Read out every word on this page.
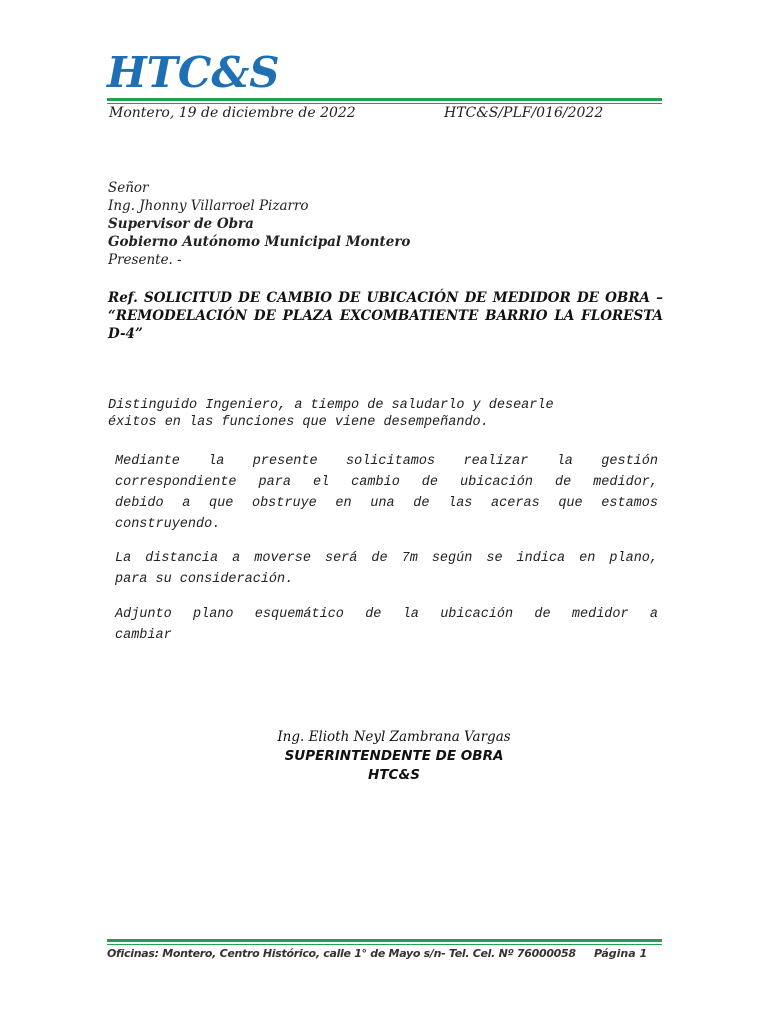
HTC&S
Montero, 19 de diciembre de 2022	HTC&S/PLF/016/2022
Señor
Ing. Jhonny Villarroel Pizarro
Supervisor de Obra
Gobierno Autónomo Municipal Montero
Presente. -
Ref. SOLICITUD DE CAMBIO DE UBICACIÓN DE MEDIDOR DE OBRA –
“REMODELACIÓN DE PLAZA EXCOMBATIENTE BARRIO LA FLORESTA
D-4”
Distinguido Ingeniero, a tiempo de saludarlo y desearle
éxitos en las funciones que viene desempeñando.
Mediante la presente solicitamos realizar la gestión
correspondiente para el cambio de ubicación de medidor,
debido a que obstruye en una de las aceras que estamos
construyendo.
La distancia a moverse será de 7m según se indica en plano,
para su consideración.
Adjunto plano esquemático de la ubicación de medidor a
cambiar
Ing. Elioth Neyl Zambrana Vargas
SUPERINTENDENTE DE OBRA
HTC&S
Oficinas: Montero, Centro Histórico, calle 1° de Mayo s/n- Tel. Cel. Nº 76000058 Página 1
